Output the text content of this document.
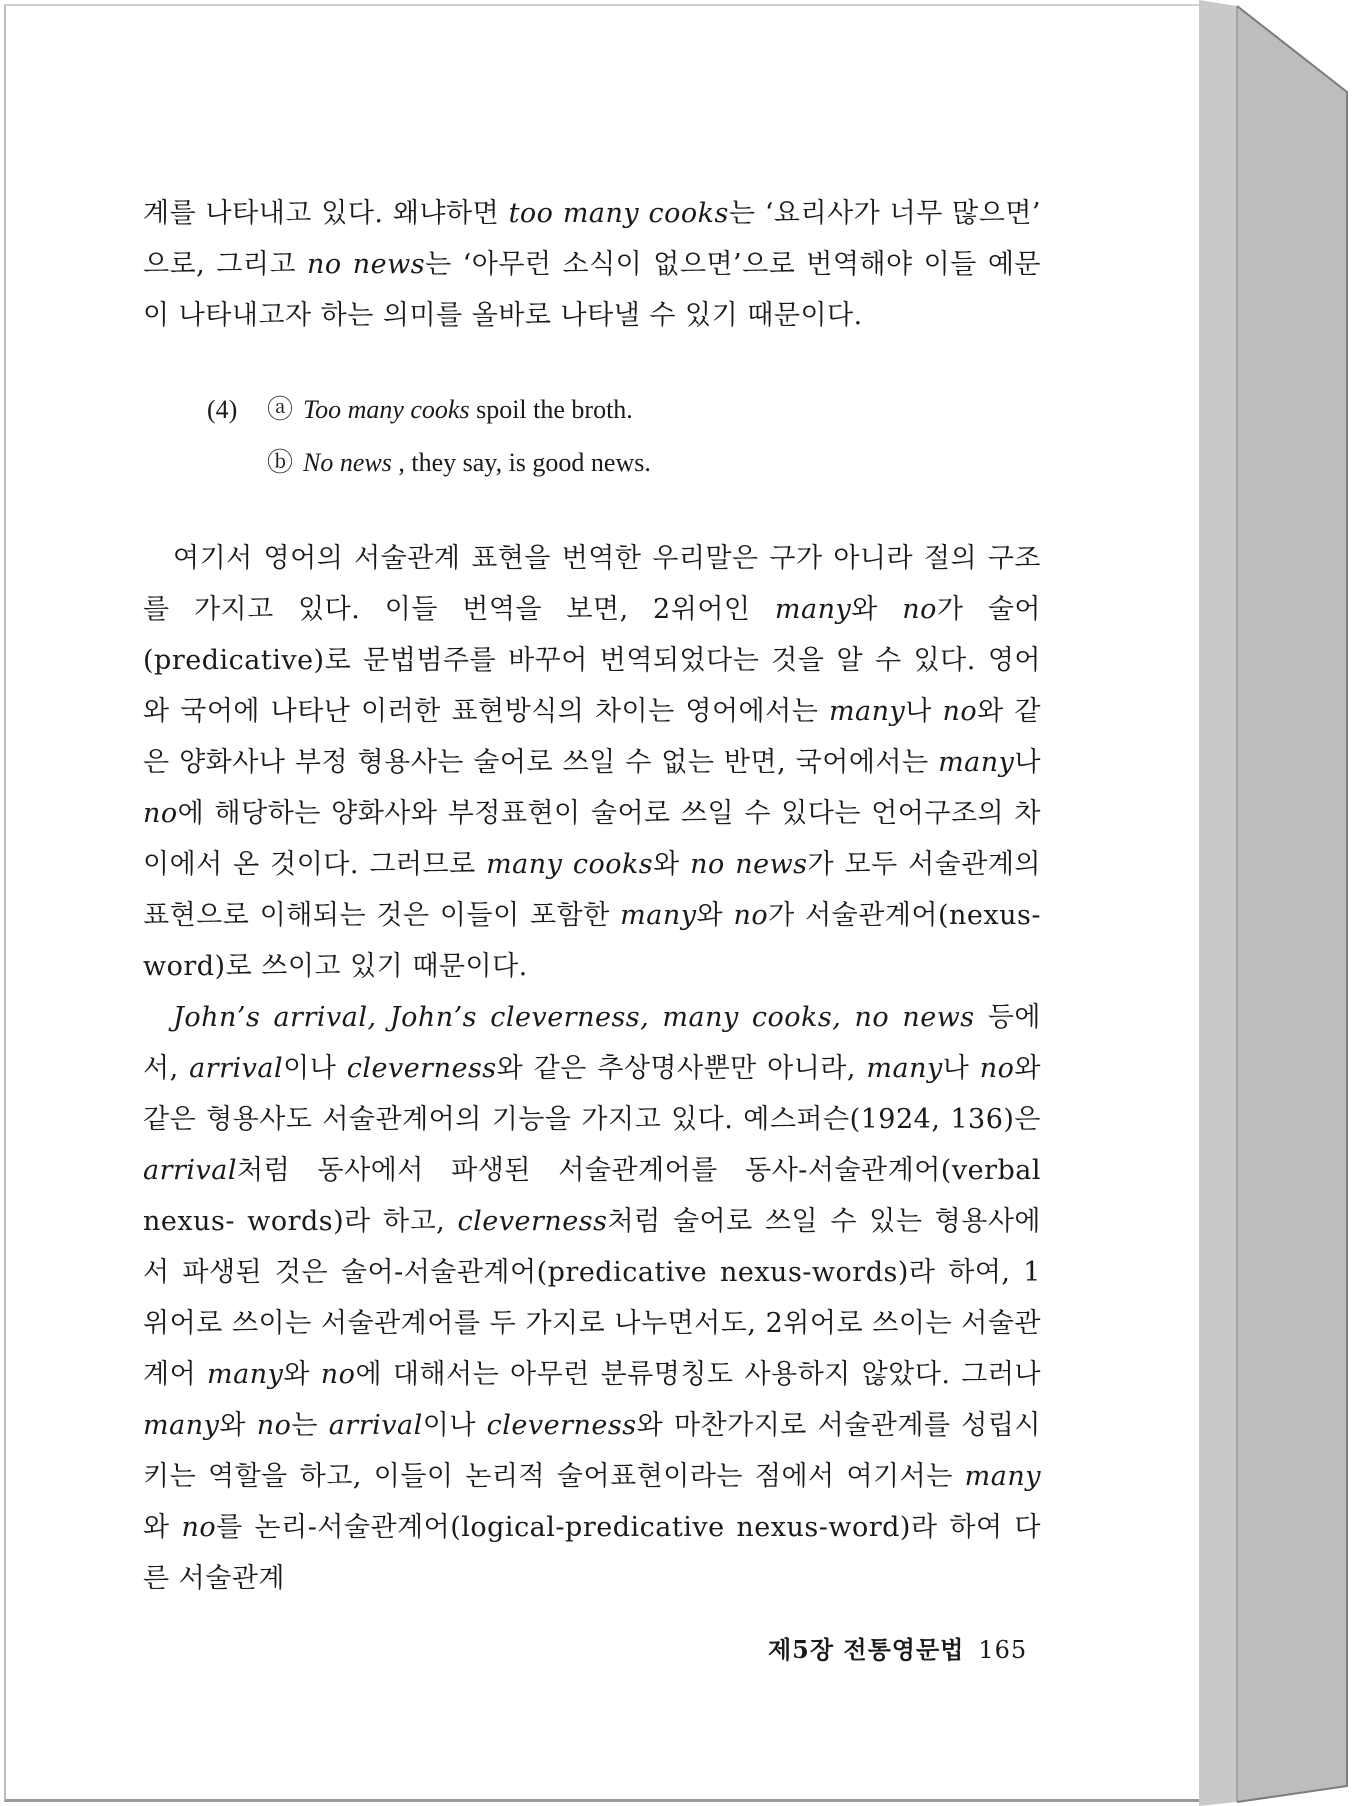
계를 나타내고 있다. 왜냐하면 too many cooks는 ‘요리사가 너무 많으면’ 으로, 그리고 no news는 ‘아무런 소식이 없으면’으로 번역해야 이들 예문이 나타내고자 하는 의미를 올바로 나타낼 수 있기 때문이다.

(4)	ⓐ Too many cooks spoil the broth.
ⓑ No news , they say, is good news.

여기서 영어의 서술관계 표현을 번역한 우리말은 구가 아니라 절의 구조를 가지고 있다. 이들 번역을 보면, 2위어인 many와 no가 술어(predicative)로 문법범주를 바꾸어 번역되었다는 것을 알 수 있다. 영어와 국어에 나타난 이러한 표현방식의 차이는 영어에서는 many나 no와 같은 양화사나 부정 형용사는 술어로 쓰일 수 없는 반면, 국어에서는 many나 no에 해당하는 양화사와 부정표현이 술어로 쓰일 수 있다는 언어구조의 차이에서 온 것이다. 그러므로 many cooks와 no news가 모두 서술관계의 표현으로 이해되는 것은 이들이 포함한 many와 no가 서술관계어(nexus-word)로 쓰이고 있기 때문이다.

John’s arrival, John’s cleverness, many cooks, no news 등에서, arrival이나 cleverness와 같은 추상명사뿐만 아니라, many나 no와 같은 형용사도 서술관계어의 기능을 가지고 있다. 예스퍼슨(1924, 136)은 arrival처럼 동사에서 파생된 서술관계어를 동사-서술관계어(verbal nexus- words)라 하고, cleverness처럼 술어로 쓰일 수 있는 형용사에서 파생된 것은 술어-서술관계어(predicative nexus-words)라 하여, 1위어로 쓰이는 서술관계어를 두 가지로 나누면서도, 2위어로 쓰이는 서술관계어 many와 no에 대해서는 아무런 분류명칭도 사용하지 않았다. 그러나 many와 no는 arrival이나 cleverness와 마찬가지로 서술관계를 성립시키는 역할을 하고, 이들이 논리적 술어표현이라는 점에서 여기서는 many와 no를 논리-서술관계어(logical-predicative nexus-word)라 하여 다른 서술관계

제5장 전통영문법 165
